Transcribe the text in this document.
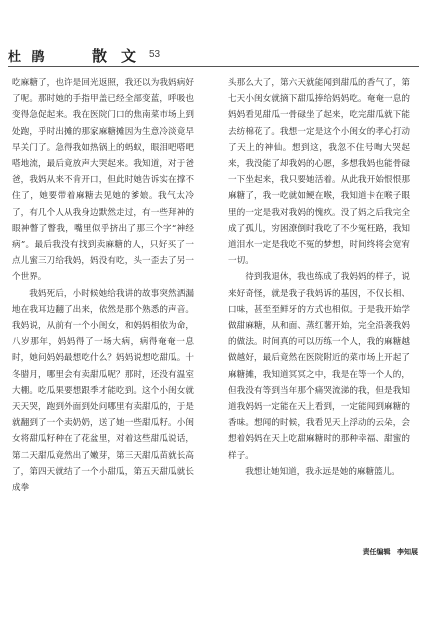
杜 鹃	散文
53

吃麻糖了，也许是回光返照，我还以为我妈病好了呢。那时她的手指甲盖已经全部变蓝，呼吸也变得急促起来。我在医院门口的焦南菜市场上到处跑，乎时出摊的那家麻糖摊因为生意冷淡竟早早关门了。急得我如热锅上的蚂蚁，眼泪吧嗒吧嗒地流，最后竟放声大哭起来。我知道，对于爸爸，我妈从来不肯开口，但此时她告诉实在撑不住了，她要带着麻糖去见她的爹娘。我气太冷了，有几个人从我身边默然走过，有一些拜神的眼神瞥了瞥我，嘴里似乎挤出了那三个字“神经病”。最后我没有找到卖麻糖的人，只好买了一点儿蜜三刀给我妈，妈没有吃，头一歪去了另一个世界。

我妈死后，小时候她给我讲的故事突然洒漏地在我耳边翻了出来，依然是那个熟悉的声音。我妈说，从前有一个小闺女，和妈妈相依为命，八岁那年，妈妈得了一场大病，病得奄奄一息时，她问妈妈最想吃什么？妈妈说想吃甜瓜。十冬腊月，哪里会有卖甜瓜呢？那时，还没有温室大棚。吃瓜果要想跟季才能吃到。这个小闺女就天天哭，跑到外面到处问哪里有卖甜瓜的，于是就翻到了一个卖奶奶，送了她一些甜瓜籽。小闺女将甜瓜籽种在了花盆里，对着这些甜瓜说话，第二天甜瓜竟然出了嫩芽，第三天甜瓜苗就长高了，第四天就结了一个小甜瓜，第五天甜瓜就长成拳

头那么大了，第六天就能闻到甜瓜的香气了，第七天小闺女就摘下甜瓜捧给妈妈吃。奄奄一息的妈妈看见甜瓜一骨碌坐了起来，吃完甜瓜就下能去纺棉花了。我想一定是这个小闺女的孝心打动了天上的神仙。想到这，我忽不住号啕大哭起来，我没能了却我妈的心愿，多想我妈也能骨碌一下坐起来，我只要她活着。从此我开始恨恨那麻糖了，我一吃就如鲠在喉，我知道卡在喉子眼里的一定是我对我妈的愧疚。没了妈之后我完全成了孤儿，穷困潦倒时我吃了不少冤枉路，我知道泪水一定是我吃不冤的梦想，时间终将会宽宥一切。

待到我退休，我也练成了我妈妈的样子，说来好奇怪，就是我子我妈诉的基因，不仅长相、口味，甚至至鲜牙的方式也相似。于是我开始学做甜麻糖，从和面、蒸红薯开始，完全沿袭我妈的做法。时间真的可以历练一个人，我的麻糖越做越好，最后竟然在医院附近的菜市场上开起了麻糖摊，我知道冥冥之中，我是在等一个人的，但我没有等到当年那个痛哭流涕的我，但是我知道我妈妈一定能在天上看到，一定能闻到麻糖的香味。想闻的时候，我看见天上浮动的云朵，会想着妈妈在天上吃甜麻糖时的那种幸福、甜蜜的样子。

我想让她知道，我永远是她的麻糖篮儿。

责任编辑 李知展
